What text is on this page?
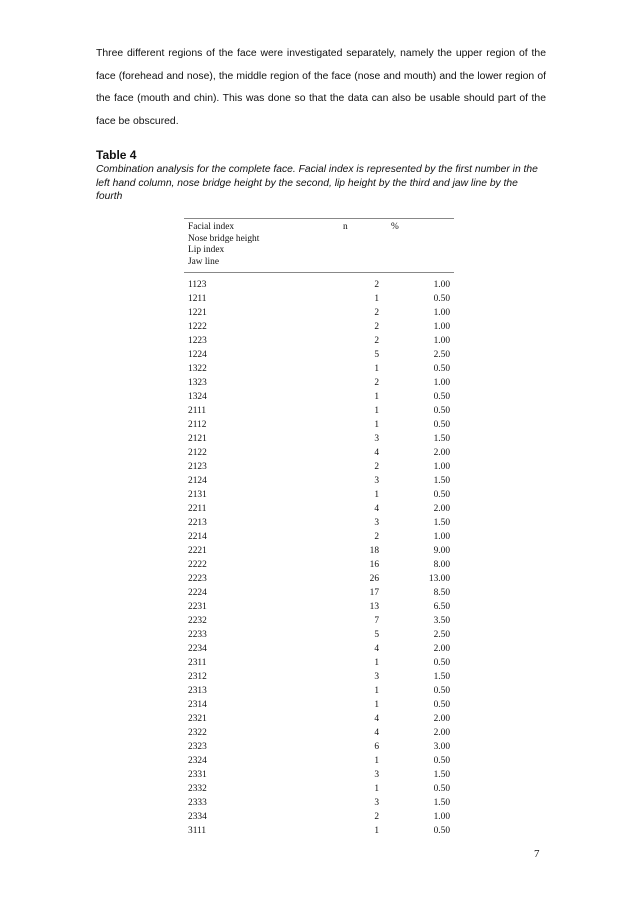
Three different regions of the face were investigated separately, namely the upper region of the face (forehead and nose), the middle region of the face (nose and mouth) and the lower region of the face (mouth and chin). This was done so that the data can also be usable should part of the face be obscured.

Table 4

Combination analysis for the complete face. Facial index is represented by the first number in the left hand column, nose bridge height by the second, lip height by the third and jaw line by the fourth

Facial index
Nose bridge height
Lip index
Jaw line
n	%
1123	2	1.00
1211	1	0.50
1221	2	1.00
1222	2	1.00
1223	2	1.00
1224	5	2.50
1322	1	0.50
1323	2	1.00
1324	1	0.50
2111	1	0.50
2112	1	0.50
2121	3	1.50
2122	4	2.00
2123	2	1.00
2124	3	1.50
2131	1	0.50
2211	4	2.00
2213	3	1.50
2214	2	1.00
2221	18	9.00
2222	16	8.00
2223	26	13.00
2224	17	8.50
2231	13	6.50
2232	7	3.50
2233	5	2.50
2234	4	2.00
2311	1	0.50
2312	3	1.50
2313	1	0.50
2314	1	0.50
2321	4	2.00
2322	4	2.00
2323	6	3.00
2324	1	0.50
2331	3	1.50
2332	1	0.50
2333	3	1.50
2334	2	1.00
3111	1	0.50
7
